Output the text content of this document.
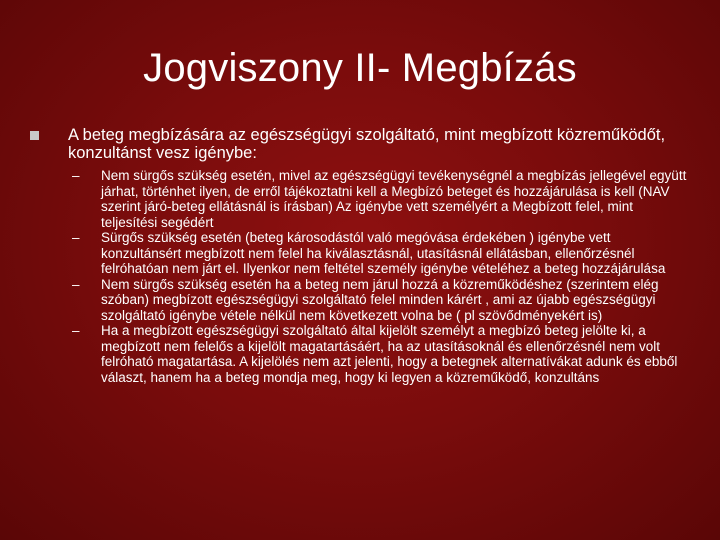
Jogviszony II- Megbízás
A beteg megbízására az egészségügyi szolgáltató, mint megbízott közreműködőt, konzultánst vesz igénybe:
– Nem sürgős szükség esetén, mivel az egészségügyi tevékenységnél a megbízás jellegével együtt járhat, történhet ilyen, de erről tájékoztatni kell a Megbízó beteget és hozzájárulása is kell (NAV szerint járó-beteg ellátásnál is írásban) Az igénybe vett személyért a Megbízott felel, mint teljesítési segédért
– Sürgős szükség esetén (beteg károsodástól való megóvása érdekében ) igénybe vett konzultánsért megbízott nem felel ha kiválasztásnál, utasításnál ellátásban, ellenőrzésnél felróhatóan nem járt el. Ilyenkor nem feltétel személy igénybe vételéhez a beteg hozzájárulása
– Nem sürgős szükség esetén ha a beteg nem járul hozzá a közreműködéshez (szerintem elég szóban) megbízott egészségügyi szolgáltató felel minden kárért , ami az újabb egészségügyi szolgáltató igénybe vétele nélkül nem következett volna be ( pl szövődményekért is)
– Ha a megbízott egészségügyi szolgáltató által kijelölt személyt a megbízó beteg jelölte ki, a megbízott nem felelős a kijelölt magatartásáért, ha az utasításoknál és ellenőrzésnél nem volt felróható magatartása. A kijelölés nem azt jelenti, hogy a betegnek alternatívákat adunk és ebből választ, hanem ha a beteg mondja meg, hogy ki legyen a közreműködő, konzultáns
